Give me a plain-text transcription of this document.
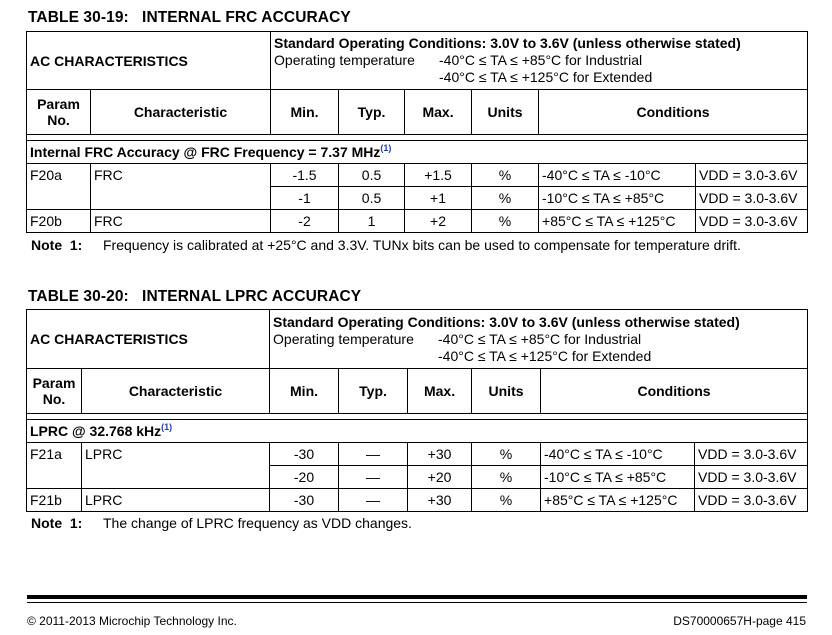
TABLE 30-19:   INTERNAL FRC ACCURACY
AC CHARACTERISTICS		Standard Operating Conditions: 3.0V to 3.6V (unless otherwise stated)
Operating temperature -40°C ≤ TA ≤ +85°C for Industrial
-40°C ≤ TA ≤ +125°C for Extended					

Param No.	Characteristic	Min.	Typ.	Max.	Units	Conditions	

Internal FRC Accuracy @ FRC Frequency = 7.37 MHz$^{(1)}$
F20a	FRC	-1.5	0.5	+1.5	%	-40°C ≤ TA ≤ -10°C	VDD = 3.0-3.6V
		-1	0.5	+1	%	-10°C ≤ TA ≤ +85°C	VDD = 3.0-3.6V
F20b	FRC	-2	1	+2	%	+85°C ≤ TA ≤ +125°C	VDD = 3.0-3.6V
Note  1: Frequency is calibrated at +25°C and 3.3V. TUNx bits can be used to compensate for temperature drift.
TABLE 30-20:   INTERNAL LPRC ACCURACY
AC CHARACTERISTICS		Standard Operating Conditions: 3.0V to 3.6V (unless otherwise stated)
Operating temperature -40°C ≤ TA ≤ +85°C for Industrial
-40°C ≤ TA ≤ +125°C for Extended					

Param No.	Characteristic	Min.	Typ.	Max.	Units	Conditions	

LPRC @ 32.768 kHz$^{(1)}$
F21a	LPRC	-30	—	+30	%	-40°C ≤ TA ≤ -10°C	VDD = 3.0-3.6V
		-20	—	+20	%	-10°C ≤ TA ≤ +85°C	VDD = 3.0-3.6V
F21b	LPRC	-30	—	+30	%	+85°C ≤ TA ≤ +125°C	VDD = 3.0-3.6V
Note  1: The change of LPRC frequency as VDD changes.
© 2011-2013 Microchip Technology Inc.	DS70000657H-page 415
